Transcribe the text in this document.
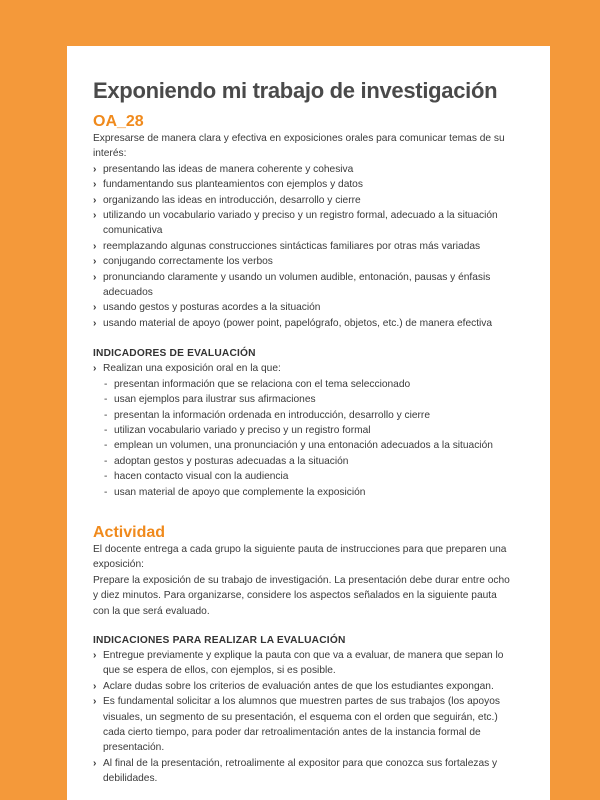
Exponiendo mi trabajo de investigación
OA_28

Expresarse de manera clara y efectiva en exposiciones orales para comunicar temas de su interés:

› presentando las ideas de manera coherente y cohesiva
› fundamentando sus planteamientos con ejemplos y datos
› organizando las ideas en introducción, desarrollo y cierre
› utilizando un vocabulario variado y preciso y un registro formal, adecuado a la situación comunicativa
› reemplazando algunas construcciones sintácticas familiares por otras más variadas
› conjugando correctamente los verbos
› pronunciando claramente y usando un volumen audible, entonación, pausas y énfasis adecuados
› usando gestos y posturas acordes a la situación
› usando material de apoyo (power point, papelógrafo, objetos, etc.) de manera efectiva
INDICADORES DE EVALUACIÓN
› Realizan una exposición oral en la que:
- presentan información que se relaciona con el tema seleccionado
- usan ejemplos para ilustrar sus afirmaciones
- presentan la información ordenada en introducción, desarrollo y cierre
- utilizan vocabulario variado y preciso y un registro formal
- emplean un volumen, una pronunciación y una entonación adecuados a la situación
- adoptan gestos y posturas adecuadas a la situación
- hacen contacto visual con la audiencia
- usan material de apoyo que complemente la exposición
Actividad

El docente entrega a cada grupo la siguiente pauta de instrucciones para que preparen una exposición:

Prepare la exposición de su trabajo de investigación. La presentación debe durar entre ocho y diez minutos. Para organizarse, considere los aspectos señalados en la siguiente pauta con la que será evaluado.

INDICACIONES PARA REALIZAR LA EVALUACIÓN
› Entregue previamente y explique la pauta con que va a evaluar, de manera que sepan lo que se espera de ellos, con ejemplos, si es posible.
› Aclare dudas sobre los criterios de evaluación antes de que los estudiantes expongan.
› Es fundamental solicitar a los alumnos que muestren partes de sus trabajos (los apoyos visuales, un segmento de su presentación, el esquema con el orden que seguirán, etc.) cada cierto tiempo, para poder dar retroalimentación antes de la instancia formal de presentación.
› Al final de la presentación, retroalimente al expositor para que conozca sus fortalezas y debilidades.
